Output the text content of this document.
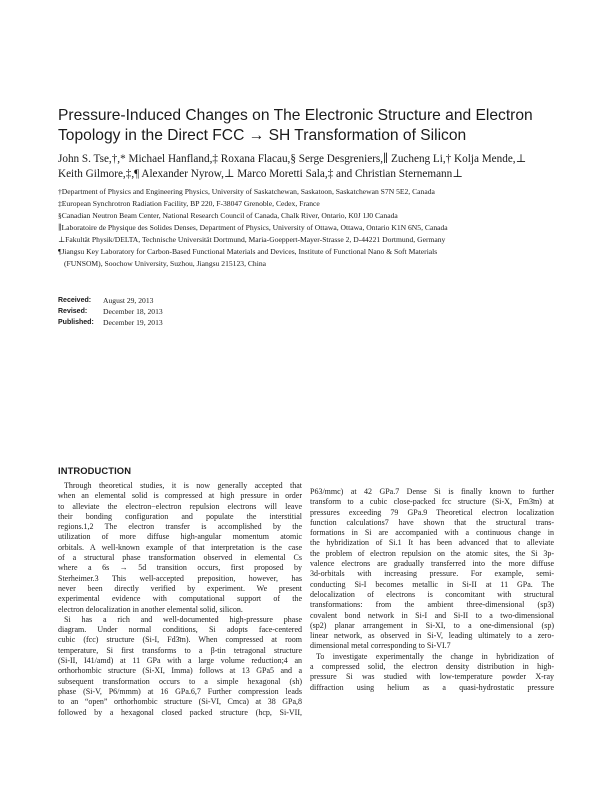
Pressure-Induced Changes on The Electronic Structure and Electron
Topology in the Direct FCC → SH Transformation of Silicon
John S. Tse,†,* Michael Hanfland,‡ Roxana Flacau,§ Serge Desgreniers,∥ Zucheng Li,† Kolja Mende,⊥
Keith Gilmore,‡,¶ Alexander Nyrow,⊥ Marco Moretti Sala,‡ and Christian Sternemann⊥
†Department of Physics and Engineering Physics, University of Saskatchewan, Saskatoon, Saskatchewan S7N 5E2, Canada
‡European Synchrotron Radiation Facility, BP 220, F-38047 Grenoble, Cedex, France
§Canadian Neutron Beam Center, National Research Council of Canada, Chalk River, Ontario, K0J 1J0 Canada
∥Laboratoire de Physique des Solides Denses, Department of Physics, University of Ottawa, Ottawa, Ontario K1N 6N5, Canada
⊥Fakultät Physik/DELTA, Technische Universität Dortmund, Maria-Goeppert-Mayer-Strasse 2, D-44221 Dortmund, Germany
¶Jiangsu Key Laboratory for Carbon-Based Functional Materials and Devices, Institute of Functional Nano & Soft Materials
(FUNSOM), Soochow University, Suzhou, Jiangsu 215123, China
Received:	August 29, 2013
Revised:	December 18, 2013
Published:	December 19, 2013
INTRODUCTION
Through theoretical studies, it is now generally accepted that
when an elemental solid is compressed at high pressure in order
to alleviate the electron−electron repulsion electrons will leave
their bonding configuration and populate the interstitial
regions.1,2 The electron transfer is accomplished by the
utilization of more diffuse high-angular momentum atomic
orbitals. A well-known example of that interpretation is the case
of a structural phase transformation observed in elemental Cs
where a 6s → 5d transition occurs, first proposed by
Sterheimer.3 This well-accepted preposition, however, has
never been directly verified by experiment. We present
experimental evidence with computational support of the
electron delocalization in another elemental solid, silicon.
Si has a rich and well-documented high-pressure phase
diagram. Under normal conditions, Si adopts face-centered
cubic (fcc) structure (Si-I, Fd3̄m). When compressed at room
temperature, Si first transforms to a β-tin tetragonal structure
(Si-II, I41/amd) at 11 GPa with a large volume reduction;4 an
orthorhombic structure (Si-XI, Imma) follows at 13 GPa5 and a
subsequent transformation occurs to a simple hexagonal (sh)
phase (Si-V, P6/mmm) at 16 GPa.6,7 Further compression leads
to an “open” orthorhombic structure (Si-VI, Cmca) at 38 GPa,8
followed by a hexagonal closed packed structure (hcp, Si-VII,
P63/mmc) at 42 GPa.7 Dense Si is finally known to further
transform to a cubic close-packed fcc structure (Si-X, Fm3̄m) at
pressures exceeding 79 GPa.9 Theoretical electron localization
function calculations7 have shown that the structural trans-
formations in Si are accompanied with a continuous change in
the hybridization of Si.1 It has been advanced that to alleviate
the problem of electron repulsion on the atomic sites, the Si 3p-
valence electrons are gradually transferred into the more diffuse
3d-orbitals with increasing pressure. For example, semi-
conducting Si-I becomes metallic in Si-II at 11 GPa. The
delocalization of electrons is concomitant with structural
transformations: from the ambient three-dimensional (sp3)
covalent bond network in Si-I and Si-II to a two-dimensional
(sp2) planar arrangement in Si-XI, to a one-dimensional (sp)
linear network, as observed in Si-V, leading ultimately to a zero-
dimensional metal corresponding to Si-VI.7
To investigate experimentally the change in hybridization of
a compressed solid, the electron density distribution in high-
pressure Si was studied with low-temperature powder X-ray
diffraction using helium as a quasi-hydrostatic pressure
